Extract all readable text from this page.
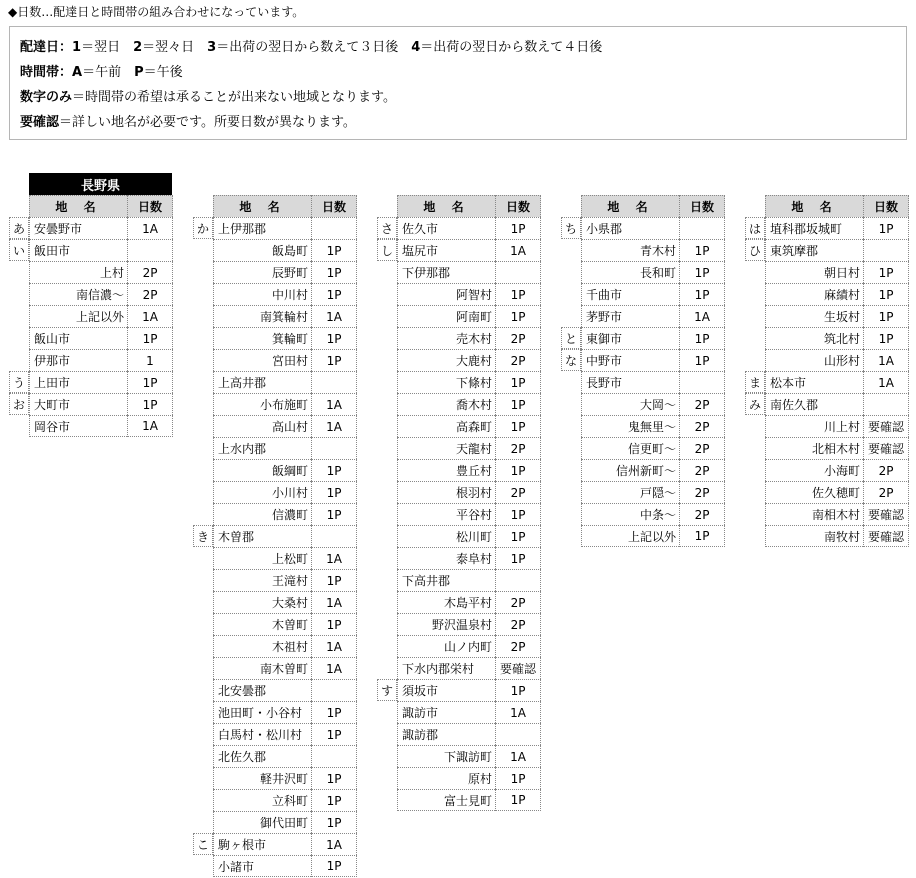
◆日数…配達日と時間帯の組み合わせになっています。
配達日：1＝翌日　2＝翌々日　3＝出荷の翌日から数えて３日後　4＝出荷の翌日から数えて４日後
時間帯：A＝午前　P＝午後
数字のみ＝時間帯の希望は承ることが出来ない地域となります。
要確認＝詳しい地名が必要です。所要日数が異なります。
長野県
地 名	日数
あ 安曇野市	1A
い 飯田市
上村	2P
南信濃～	2P
上記以外	1A
飯山市	1P
伊那市	1
う 上田市	1P
お 大町市	1P
岡谷市	1A
地 名	日数
か 上伊那郡
飯島町	1P
辰野町	1P
中川村	1P
南箕輪村	1A
箕輪町	1P
宮田村	1P
上高井郡
小布施町	1A
高山村	1A
上水内郡
飯綱町	1P
小川村	1P
信濃町	1P
き 木曽郡
上松町	1A
王滝村	1P
大桑村	1A
木曽町	1P
木祖村	1A
南木曽町	1A
北安曇郡
池田町・小谷村	1P
白馬村・松川村	1P
北佐久郡
軽井沢町	1P
立科町	1P
御代田町	1P
こ 駒ヶ根市	1A
小諸市	1P
地 名	日数
さ 佐久市	1P
し 塩尻市	1A
下伊那郡
阿智村	1P
阿南町	1P
売木村	2P
大鹿村	2P
下條村	1P
喬木村	1P
高森町	1P
天龍村	2P
豊丘村	1P
根羽村	2P
平谷村	1P
松川町	1P
泰阜村	1P
下高井郡
木島平村	2P
野沢温泉村	2P
山ノ内町	2P
下水内郡栄村	要確認
す 須坂市	1P
諏訪市	1A
諏訪郡
下諏訪町	1A
原村	1P
富士見町	1P
地 名	日数
ち 小県郡
青木村	1P
長和町	1P
千曲市	1P
茅野市	1A
と 東御市	1P
な 中野市	1P
長野市
大岡～	2P
鬼無里～	2P
信更町～	2P
信州新町～	2P
戸隠～	2P
中条～	2P
上記以外	1P
地 名	日数
は 埴科郡坂城町	1P
ひ 東筑摩郡
朝日村	1P
麻績村	1P
生坂村	1P
筑北村	1P
山形村	1A
ま 松本市	1A
み 南佐久郡
川上村 要確認
北相木村 要確認
小海町	2P
佐久穂町	2P
南相木村 要確認
南牧村 要確認
